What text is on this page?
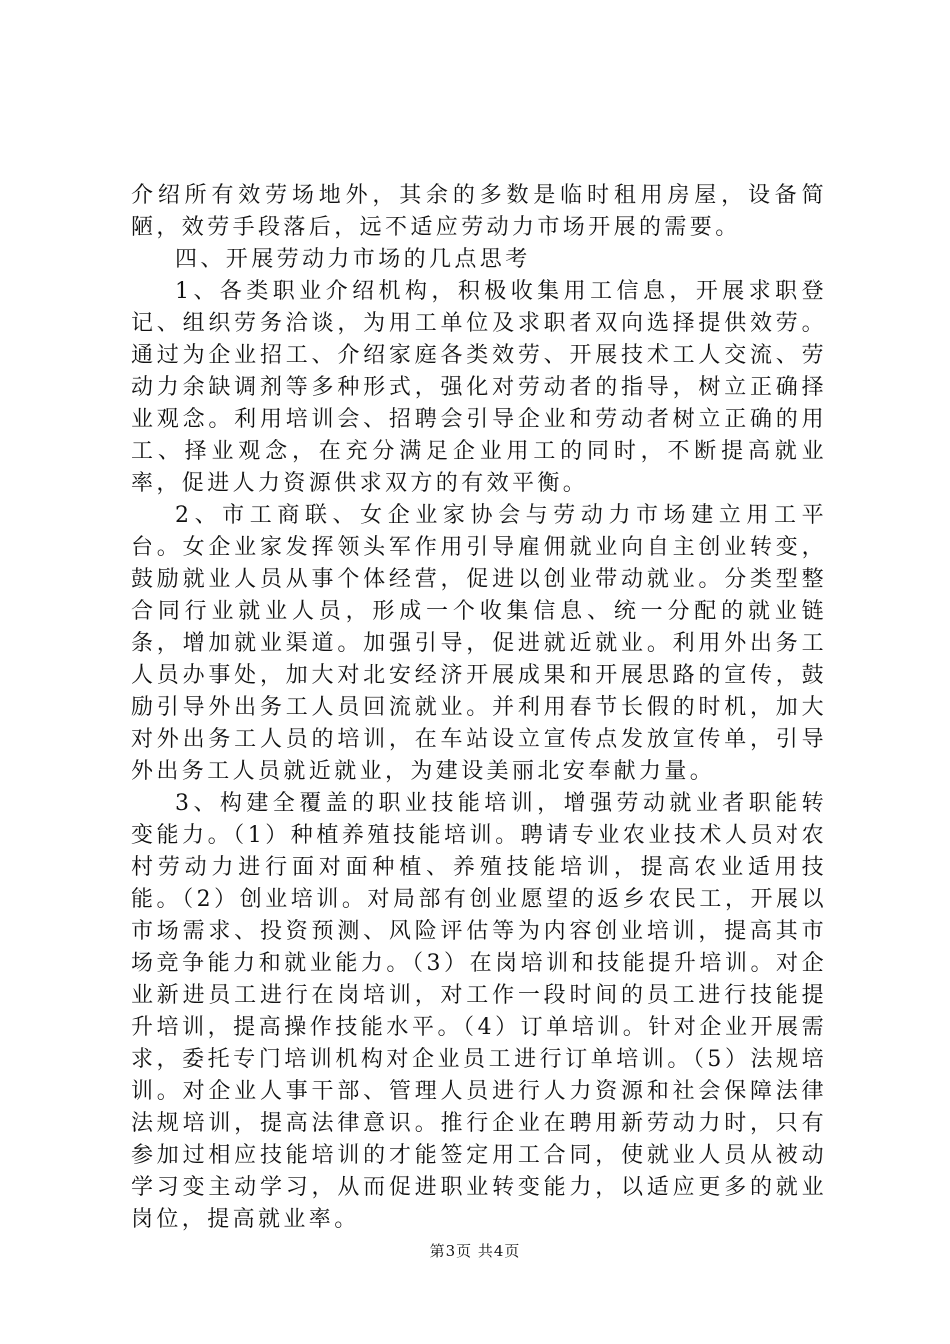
介绍所有效劳场地外，其余的多数是临时租用房屋，设备简陋，效劳手段落后，远不适应劳动力市场开展的需要。

四、开展劳动力市场的几点思考

1、各类职业介绍机构，积极收集用工信息，开展求职登记、组织劳务洽谈，为用工单位及求职者双向选择提供效劳。通过为企业招工、介绍家庭各类效劳、开展技术工人交流、劳动力余缺调剂等多种形式，强化对劳动者的指导，树立正确择业观念。利用培训会、招聘会引导企业和劳动者树立正确的用工、择业观念，在充分满足企业用工的同时，不断提高就业率，促进人力资源供求双方的有效平衡。

2、市工商联、女企业家协会与劳动力市场建立用工平台。女企业家发挥领头军作用引导雇佣就业向自主创业转变，鼓励就业人员从事个体经营，促进以创业带动就业。分类型整合同行业就业人员，形成一个收集信息、统一分配的就业链条，增加就业渠道。加强引导，促进就近就业。利用外出务工人员办事处，加大对北安经济开展成果和开展思路的宣传，鼓励引导外出务工人员回流就业。并利用春节长假的时机，加大对外出务工人员的培训，在车站设立宣传点发放宣传单，引导外出务工人员就近就业，为建设美丽北安奉献力量。

3、构建全覆盖的职业技能培训，增强劳动就业者职能转变能力。（1）种植养殖技能培训。聘请专业农业技术人员对农村劳动力进行面对面种植、养殖技能培训，提高农业适用技能。（2）创业培训。对局部有创业愿望的返乡农民工，开展以市场需求、投资预测、风险评估等为内容创业培训，提高其市场竞争能力和就业能力。（3）在岗培训和技能提升培训。对企业新进员工进行在岗培训，对工作一段时间的员工进行技能提升培训，提高操作技能水平。（4）订单培训。针对企业开展需求，委托专门培训机构对企业员工进行订单培训。（5）法规培训。对企业人事干部、管理人员进行人力资源和社会保障法律法规培训，提高法律意识。推行企业在聘用新劳动力时，只有参加过相应技能培训的才能签定用工合同，使就业人员从被动学习变主动学习，从而促进职业转变能力，以适应更多的就业岗位，提高就业率。

第3页 共4页
